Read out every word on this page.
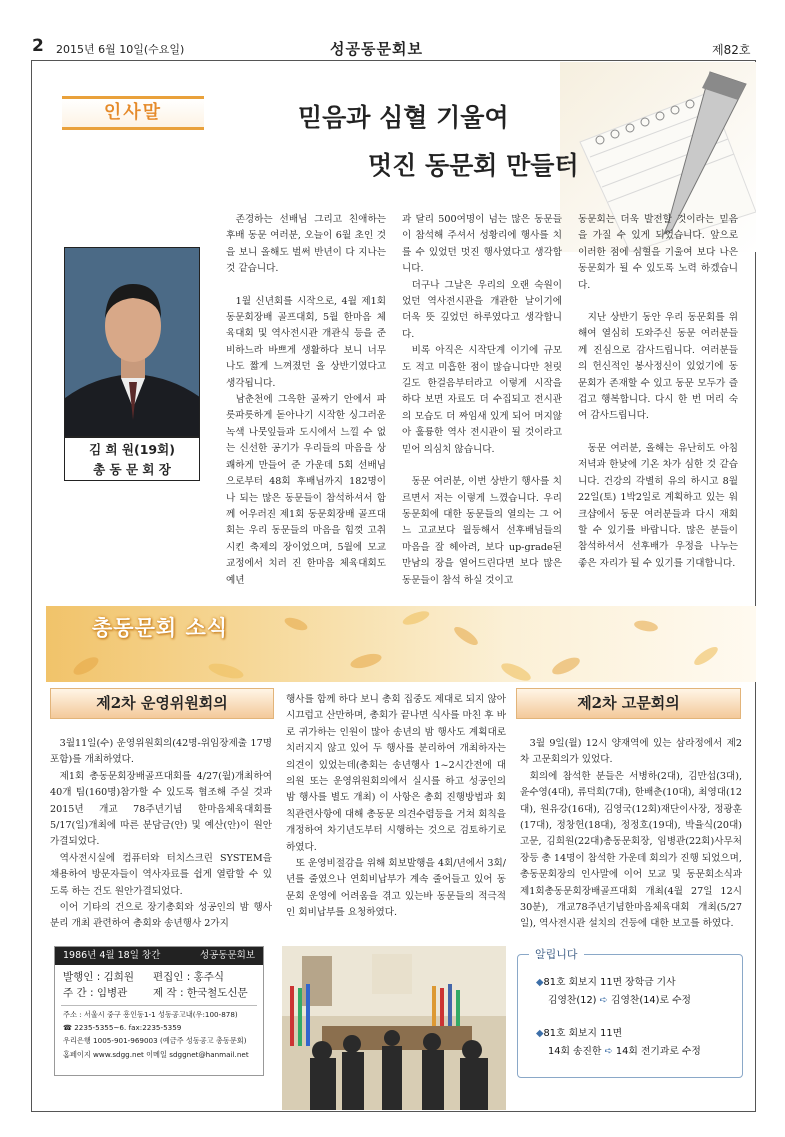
2 2015년 6월 10일(수요일)	성공동문회보	제82호
인사말	믿음과 심혈 기울여
멋진 동문회 만들터
김 희 원(19회)
총 동 문 회 장

존경하는 선배님 그리고 친애하는 후배 동문 여러분, 오늘이 6월 초인 것을 보니 올해도 벌써 반년이 다 지나는 것 같습니다.

1월 신년회를 시작으로, 4월 제1회 동문회장배 골프대회, 5월 한마음 체육대회 및 역사전시관 개관식 등을 준비하느라 바쁘게 생활하다 보니 너무나도 짧게 느껴졌던 올 상반기였다고 생각됩니다.

남춘천에 그윽한 골짜기 안에서 파릇파릇하게 돋아나기 시작한 싱그러운 녹색 나뭇잎들과 도시에서 느낄 수 없는 신선한 공기가 우리들의 마음을 상쾌하게 만들어 준 가운데 5회 선배님으로부터 48회 후배님까지 182명이나 되는 많은 동문들이 참석하셔서 함께 어우러진 제1회 동문회장배 골프대회는 우리 동문들의 마음을 힘껏 고취시킨 축제의 장이었으며, 5월에 모교 교정에서 치러 진 한마음 체육대회도 예년

과 달리 500여명이 넘는 많은 동문들이 참석해 주셔서 성황리에 행사를 치를 수 있었던 멋진 행사였다고 생각합니다.

더구나 그날은 우리의 오랜 숙원이었던 역사전시관을 개관한 날이기에 더욱 뜻 깊었던 하루였다고 생각합니다.

비록 아직은 시작단계 이기에 규모도 적고 미흡한 점이 많습니다만 천릿길도 한걸음부터라고 이렇게 시작을 하다 보면 자료도 더 수집되고 전시관의 모습도 더 짜임새 있게 되어 머지않아 훌륭한 역사 전시관이 될 것이라고 믿어 의심치 않습니다.

동문 여러분, 이번 상반기 행사를 치르면서 저는 이렇게 느꼈습니다. 우리 동문회에 대한 동문들의 열의는 그 어느 고교보다 월등해서 선후배님들의 마음을 잘 헤아려, 보다 up-grade된 만남의 장을 열어드린다면 보다 많은 동문들이 참석 하실 것이고

동문회는 더욱 발전할 것이라는 믿음을 가질 수 있게 되었습니다. 앞으로 이러한 점에 심혈을 기울여 보다 나은 동문회가 될 수 있도록 노력 하겠습니다.

지난 상반기 동안 우리 동문회를 위해여 열심히 도와주신 동문 여러분들께 진심으로 감사드립니다. 여러분들의 헌신적인 봉사정신이 있었기에 동문회가 존재할 수 있고 동문 모두가 즐겁고 행복합니다. 다시 한 번 머리 숙여 감사드립니다.

동문 여러분, 올해는 유난히도 아침저녁과 한낮에 기온 차가 심한 것 같습니다. 건강의 각별히 유의 하시고 8월 22일(토) 1박2일로 계획하고 있는 워크샵에서 동문 여러분들과 다시 재회 할 수 있기를 바랍니다. 많은 분들이 참석하셔서 선후배가 우정을 나누는 좋은 자리가 될 수 있기를 기대합니다.

총동문회 소식
제2차 운영위원회의	제2차 고문회의

3월11일(수) 운영위원회의(42명-위임장제출 17명 포함)를 개최하였다.

제1회 총동문회장배골프대회를 4/27(월)개최하여 40개 팀(160명)참가할 수 있도록 협조해 주실 것과 2015년 개교 78주년기념 한마음체육대회를 5/17(일)개최에 따른 분담금(안) 및 예산(안)이 원안가결되었다.

역사전시실에 컴퓨터와 터치스크린 SYSTEM을 채용하여 방문자들이 역사자료를 쉽게 열람할 수 있도록 하는 건도 원안가결되었다.

이어 기타의 건으로 장기총회와 성공인의 밤 행사 분리 개최 관련하여 총회와 송년행사 2가지

행사를 함께 하다 보니 총회 집중도 제대로 되지 않아 시끄럽고 산만하며, 총회가 끝나면 식사를 마친 후 바로 귀가하는 인원이 많아 송년의 밤 행사도 계획대로 치러지지 않고 있어 두 행사를 분리하여 개최하자는 의견이 있었는데(총회는 송년행사 1~2시간전에 대의원 또는 운영위원회의에서 실시를 하고 성공인의 밤 행사를 별도 개최) 이 사항은 총회 진행방법과 회칙관련사항에 대해 총동문 의견수렴등을 거쳐 회칙을 개정하여 차기년도부터 시행하는 것으로 검토하기로 하였다.

또 운영비절감을 위해 회보발행을 4회/년에서 3회/년를 줄였으나 연회비납부가 계속 줄어들고 있어 동문회 운영에 어려움을 겪고 있는바 동문들의 적극적인 회비납부를 요청하였다.

3월 9일(월) 12시 양재역에 있는 삼라정에서 제2차 고문회의가 있었다.

회의에 참석한 분들은 서병하(2대), 김만섭(3대), 윤수영(4대), 류덕희(7대), 한배춘(10대), 최영대(12대), 원유강(16대), 김영국(12회)재단이사장, 정광훈(17대), 정창헌(18대), 정정호(19대), 박율식(20대)고문, 김희원(22대)총동문회장, 임병관(22회)사무처장등 총 14명이 참석한 가운데 회의가 진행 되었으며, 총동문회장의 인사말에 이어 모교 및 동문회소식과 제1회총동문회장배골프대회 개최(4월 27일 12시 30분), 개교78주년기념한마음체육대회 개최(5/27일), 역사전시관 설치의 건등에 대한 보고를 하였다.

1986년 4월 18일 창간	성공동문회보
발행인 : 김희원	편집인 : 홍주식
주 간 : 임병관	제 작 : 한국철도신문
주소 : 서울시 중구 흥인동1-1 성동공고내(우:100-878)
☎ 2235-5355~6. fax:2235-5359
우리은행 1005-901-969003 (예금주 성동공고 총동문회)
홈페이지 www.sdgg.net 이메일 sdggnet@hanmail.net
알립니다
◆81호 회보지 11면 장학금 기사
김영찬(12) ➪ 김영찬(14)로 수정
◆81호 회보지 11면
14회 송진한 ➪ 14회 전기과로 수정
